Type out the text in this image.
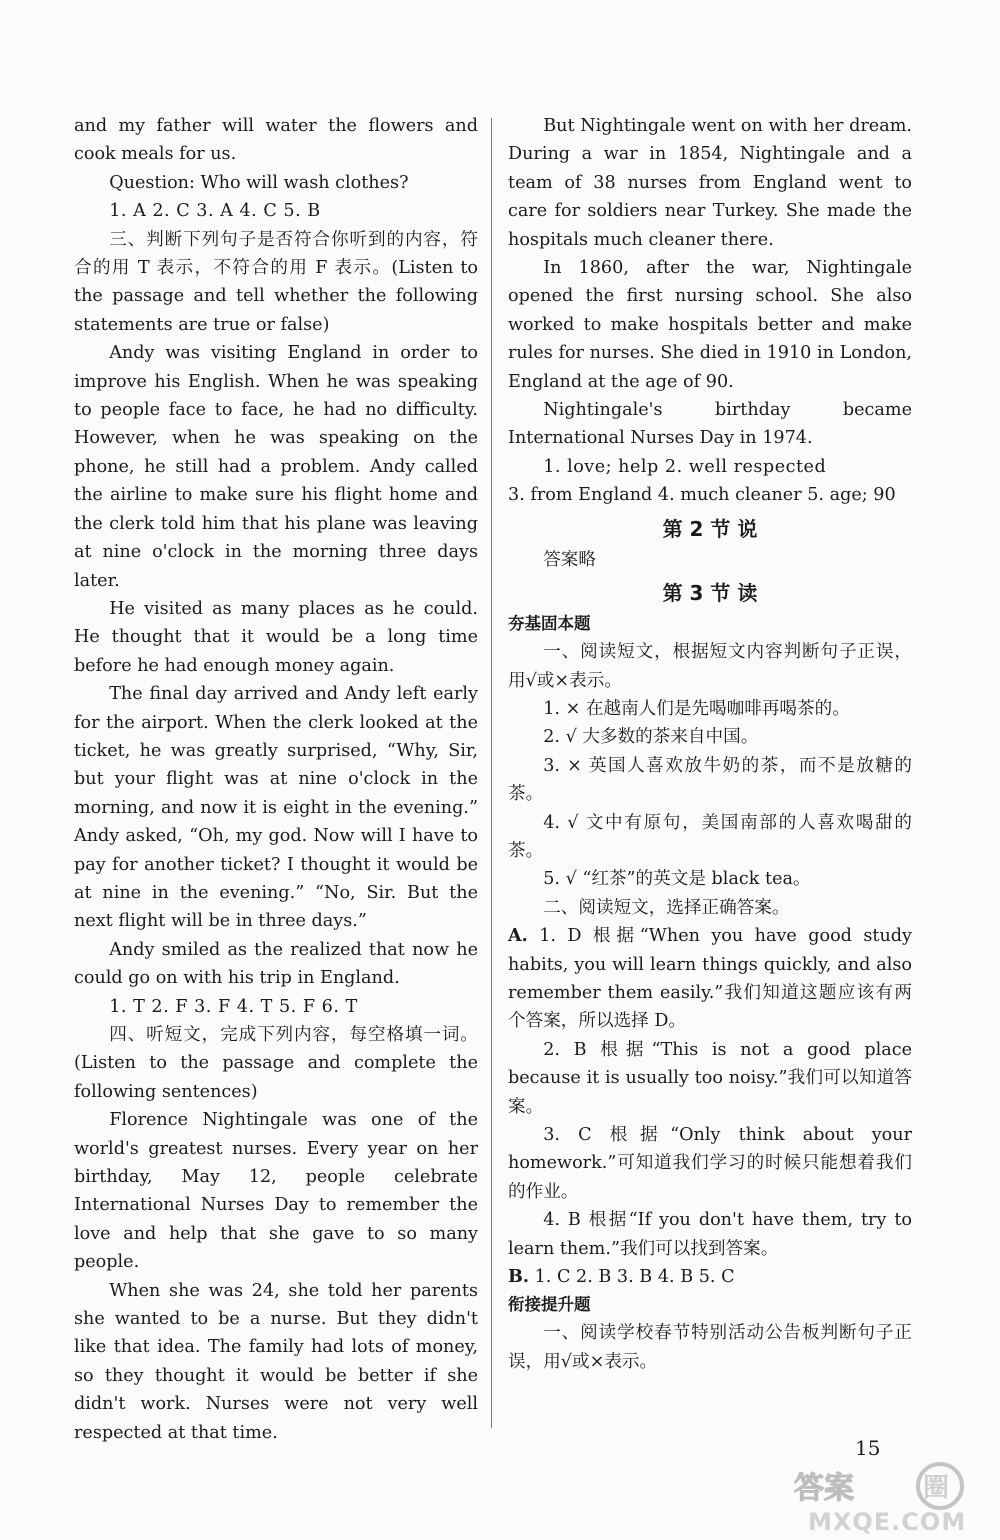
and my father will water the flowers and cook meals for us.

Question: Who will wash clothes?

1. A 2. C 3. A 4. C 5. B

三、判断下列句子是否符合你听到的内容，符合的用 T 表示，不符合的用 F 表示。(Listen to the passage and tell whether the following statements are true or false)

Andy was visiting England in order to improve his English. When he was speaking to people face to face, he had no difficulty. However, when he was speaking on the phone, he still had a problem. Andy called the airline to make sure his flight home and the clerk told him that his plane was leaving at nine o'clock in the morning three days later.

He visited as many places as he could. He thought that it would be a long time before he had enough money again.

The final day arrived and Andy left early for the airport. When the clerk looked at the ticket, he was greatly surprised, “Why, Sir, but your flight was at nine o'clock in the morning, and now it is eight in the evening.” Andy asked, “Oh, my god. Now will I have to pay for another ticket? I thought it would be at nine in the evening.” “No, Sir. But the next flight will be in three days.”

Andy smiled as the realized that now he could go on with his trip in England.

1. T 2. F 3. F 4. T 5. F 6. T

四、听短文，完成下列内容，每空格填一词。(Listen to the passage and complete the following sentences)

Florence Nightingale was one of the world's greatest nurses. Every year on her birthday, May 12, people celebrate International Nurses Day to remember the love and help that she gave to so many people.

When she was 24, she told her parents she wanted to be a nurse. But they didn't like that idea. The family had lots of money, so they thought it would be better if she didn't work. Nurses were not very well respected at that time.

But Nightingale went on with her dream. During a war in 1854, Nightingale and a team of 38 nurses from England went to care for soldiers near Turkey. She made the hospitals much cleaner there.

In 1860, after the war, Nightingale opened the first nursing school. She also worked to make hospitals better and make rules for nurses. She died in 1910 in London, England at the age of 90.

Nightingale's birthday became International Nurses Day in 1974.

1. love; help 2. well respected

3. from England 4. much cleaner 5. age; 90

第 2 节 说

答案略

第 3 节 读

夯基固本题

一、阅读短文，根据短文内容判断句子正误，用√或×表示。

1. × 在越南人们是先喝咖啡再喝茶的。

2. √ 大多数的茶来自中国。

3. × 英国人喜欢放牛奶的茶，而不是放糖的茶。

4. √ 文中有原句，美国南部的人喜欢喝甜的茶。

5. √ “红茶”的英文是 black tea。

二、阅读短文，选择正确答案。

A. 1. D 根据“When you have good study habits, you will learn things quickly, and also remember them easily.”我们知道这题应该有两个答案，所以选择 D。

2. B 根据“This is not a good place because it is usually too noisy.”我们可以知道答案。

3. C 根据“Only think about your homework.”可知道我们学习的时候只能想着我们的作业。

4. B 根据“If you don't have them, try to learn them.”我们可以找到答案。

B. 1. C 2. B 3. B 4. B 5. C

衔接提升题

一、阅读学校春节特别活动公告板判断句子正误，用√或×表示。

15
答案	圈
MXQE.COM
